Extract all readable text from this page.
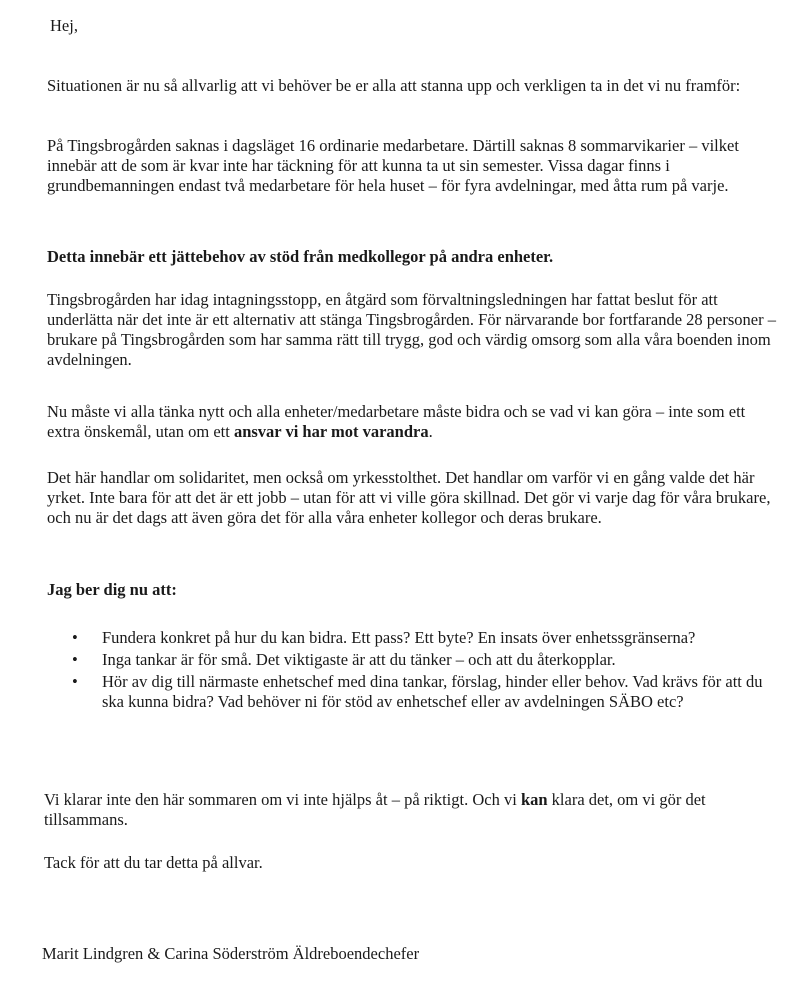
Hej,

Situationen är nu så allvarlig att vi behöver be er alla att stanna upp och verkligen ta in det vi nu framför:

På Tingsbrogården saknas i dagsläget 16 ordinarie medarbetare. Därtill saknas 8 sommarvikarier – vilket innebär att de som är kvar inte har täckning för att kunna ta ut sin semester. Vissa dagar finns i grundbemanningen endast två medarbetare för hela huset – för fyra avdelningar, med åtta rum på varje.

Detta innebär ett jättebehov av stöd från medkollegor på andra enheter.

Tingsbrogården har idag intagningsstopp, en åtgärd som förvaltningsledningen har fattat beslut för att underlätta när det inte är ett alternativ att stänga Tingsbrogården. För närvarande bor fortfarande 28 personer – brukare på Tingsbrogården som har samma rätt till trygg, god och värdig omsorg som alla våra boenden inom avdelningen.

Nu måste vi alla tänka nytt och alla enheter/medarbetare måste bidra och se vad vi kan göra – inte som ett extra önskemål, utan om ett ansvar vi har mot varandra.

Det här handlar om solidaritet, men också om yrkesstolthet. Det handlar om varför vi en gång valde det här yrket. Inte bara för att det är ett jobb – utan för att vi ville göra skillnad. Det gör vi varje dag för våra brukare, och nu är det dags att även göra det för alla våra enheter kollegor och deras brukare.

Jag ber dig nu att:

•	Fundera konkret på hur du kan bidra. Ett pass? Ett byte? En insats över enhetssgränserna?
•	Inga tankar är för små. Det viktigaste är att du tänker – och att du återkopplar.
•	Hör av dig till närmaste enhetschef med dina tankar, förslag, hinder eller behov. Vad krävs för att du ska kunna bidra? Vad behöver ni för stöd av enhetschef eller av avdelningen SÄBO etc?

Vi klarar inte den här sommaren om vi inte hjälps åt – på riktigt. Och vi kan klara det, om vi gör det tillsammans.

Tack för att du tar detta på allvar.

Marit Lindgren & Carina Söderström Äldreboendechefer
